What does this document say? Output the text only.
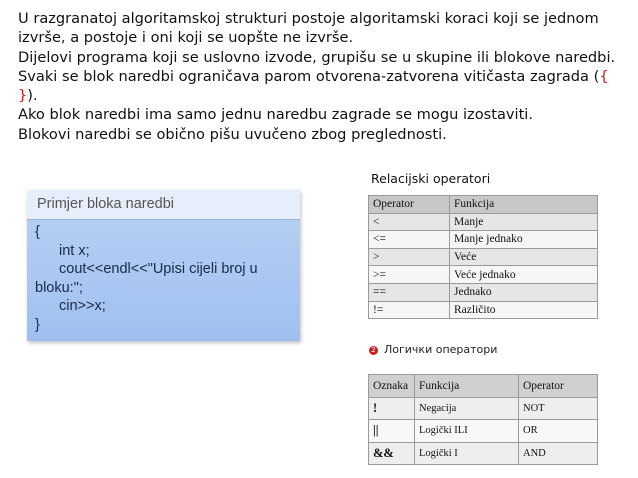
U razgranatoj algoritamskoj strukturi postoje algoritamski koraci koji se jednom izvrše, a postoje i oni koji se uopšte ne izvrše.

Dijelovi programa koji se uslovno izvode, grupišu se u skupine ili blokove naredbi. Svaki se blok naredbi ograničava parom otvorena-zatvorena vitičasta zagrada ({ }).

Ako blok naredbi ima samo jednu naredbu zagrade se mogu izostaviti.

Blokovi naredbi se obično pišu uvučeno zbog preglednosti.

Relacijski operatori
Primjer bloka naredbi
{
int x;
cout<<endl<<"Upisi cijeli broj u
bloku:";
cin>>x;
}
Operator	Funkcija
<	Manje
<=	Manje jednako
>	Veće
>=	Veće jednako
==	Jednako
!=	Različito
2 Логички оператори
Oznaka	Funkcija	Operator
!	Negacija	NOT
||	Logički ILI	OR
&&	Logički I	AND
